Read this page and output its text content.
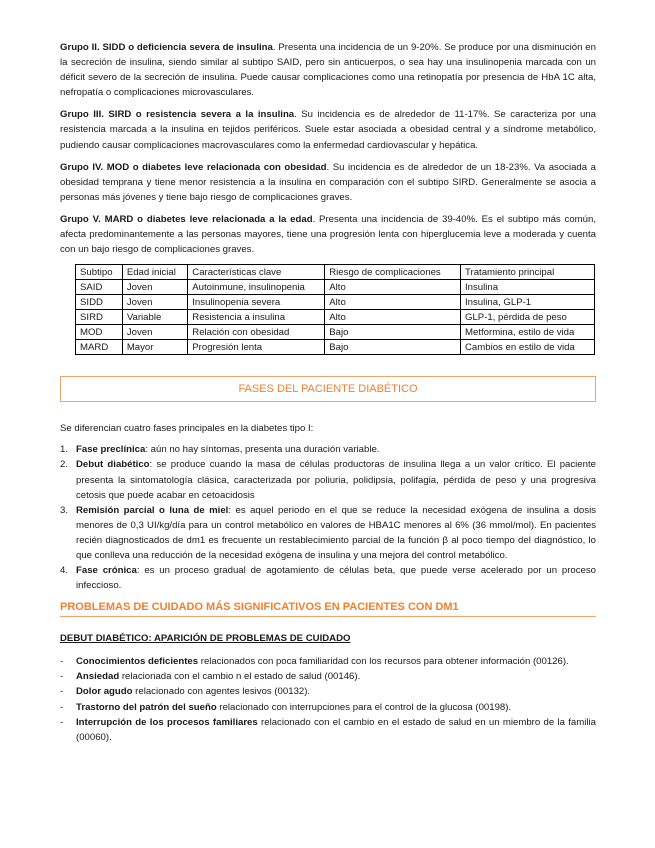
Grupo II. SIDD o deficiencia severa de insulina. Presenta una incidencia de un 9-20%. Se produce por una disminución en la secreción de insulina, siendo similar al subtipo SAID, pero sin anticuerpos, o sea hay una insulinopenia marcada con un déficit severo de la secreción de insulina. Puede causar complicaciones como una retinopatía por presencia de HbA 1C alta, nefropatía o complicaciones microvasculares.

Grupo III. SIRD o resistencia severa a la insulina. Su incidencia es de alrededor de 11-17%. Se caracteriza por una resistencia marcada a la insulina en tejidos periféricos. Suele estar asociada a obesidad central y a síndrome metabólico, pudiendo causar complicaciones macrovasculares como la enfermedad cardiovascular y hepática.

Grupo IV. MOD o diabetes leve relacionada con obesidad. Su incidencia es de alrededor de un 18-23%. Va asociada a obesidad temprana y tiene menor resistencia a la insulina en comparación con el subtipo SIRD. Generalmente se asocia a personas más jóvenes y tiene bajo riesgo de complicaciones graves.

Grupo V. MARD o diabetes leve relacionada a la edad. Presenta una incidencia de 39-40%. Es el subtipo más común, afecta predominantemente a las personas mayores, tiene una progresión lenta con hiperglucemia leve a moderada y cuenta con un bajo riesgo de complicaciones graves.

Subtipo	Edad inicial	Características clave	Riesgo de complicaciones	Tratamiento principal
SAID	Joven	Autoinmune, insulinopenia	Alto	Insulina
SIDD	Joven	Insulinopenia severa	Alto	Insulina, GLP-1
SIRD	Variable	Resistencia a insulina	Alto	GLP-1, pérdida de peso
MOD	Joven	Relación con obesidad	Bajo	Metformina, estilo de vida
MARD	Mayor	Progresión lenta	Bajo	Cambios en estilo de vida
FASES DEL PACIENTE DIABÉTICO

Se diferencian cuatro fases principales en la diabetes tipo I:

1. Fase preclínica: aún no hay síntomas, presenta una duración variable.

2. Debut diabético: se produce cuando la masa de células productoras de insulina llega a un valor crítico. El paciente presenta la sintomatología clásica, caracterizada por poliuria, polidipsia, polifagia, pérdida de peso y una progresiva cetosis que puede acabar en cetoacidosis

3. Remisión parcial o luna de miel: es aquel periodo en el que se reduce la necesidad exógena de insulina a dosis menores de 0,3 UI/kg/día para un control metabólico en valores de HBA1C menores al 6% (36 mmol/mol). En pacientes recién diagnosticados de dm1 es frecuente un restablecimiento parcial de la función β al poco tiempo del diagnóstico, lo que conlleva una reducción de la necesidad exógena de insulina y una mejora del control metabólico.

4. Fase crónica: es un proceso gradual de agotamiento de células beta, que puede verse acelerado por un proceso infeccioso.

PROBLEMAS DE CUIDADO MÁS SIGNIFICATIVOS EN PACIENTES CON DM1
DEBUT DIABÉTICO: APARICIÓN DE PROBLEMAS DE CUIDADO
-	Conocimientos deficientes relacionados con poca familiaridad con los recursos para obtener información (00126).

-	Ansiedad relacionada con el cambio n el estado de salud (00146).

-	Dolor agudo relacionado con agentes lesivos (00132).

-	Trastorno del patrón del sueño relacionado con interrupciones para el control de la glucosa (00198).

-	Interrupción de los procesos familiares relacionado con el cambio en el estado de salud en un miembro de la familia (00060).
